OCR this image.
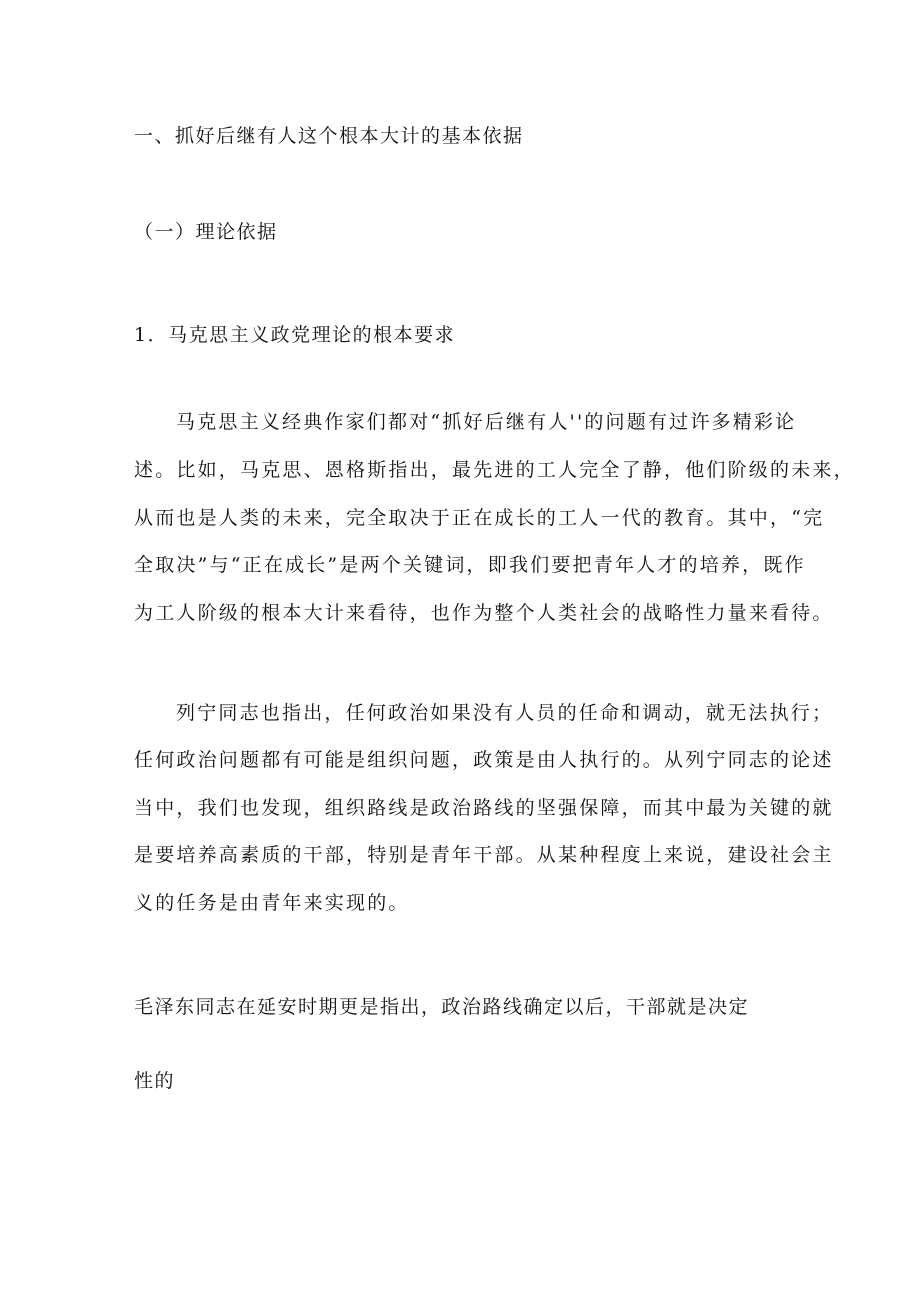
一、抓好后继有人这个根本大计的基本依据
（一）理论依据
1．马克思主义政党理论的根本要求
马克思主义经典作家们都对“抓好后继有人''的问题有过许多精彩论
述。比如，马克思、恩格斯指出，最先进的工人完全了静，他们阶级的未来，
从而也是人类的未来，完全取决于正在成长的工人一代的教育。其中，“完
全取决”与“正在成长”是两个关键词，即我们要把青年人才的培养，既作
为工人阶级的根本大计来看待，也作为整个人类社会的战略性力量来看待。
列宁同志也指出，任何政治如果没有人员的任命和调动，就无法执行；
任何政治问题都有可能是组织问题，政策是由人执行的。从列宁同志的论述
当中，我们也发现，组织路线是政治路线的坚强保障，而其中最为关键的就
是要培养高素质的干部，特别是青年干部。从某种程度上来说，建设社会主
义的任务是由青年来实现的。
毛泽东同志在延安时期更是指出，政治路线确定以后，干部就是决定
性的
